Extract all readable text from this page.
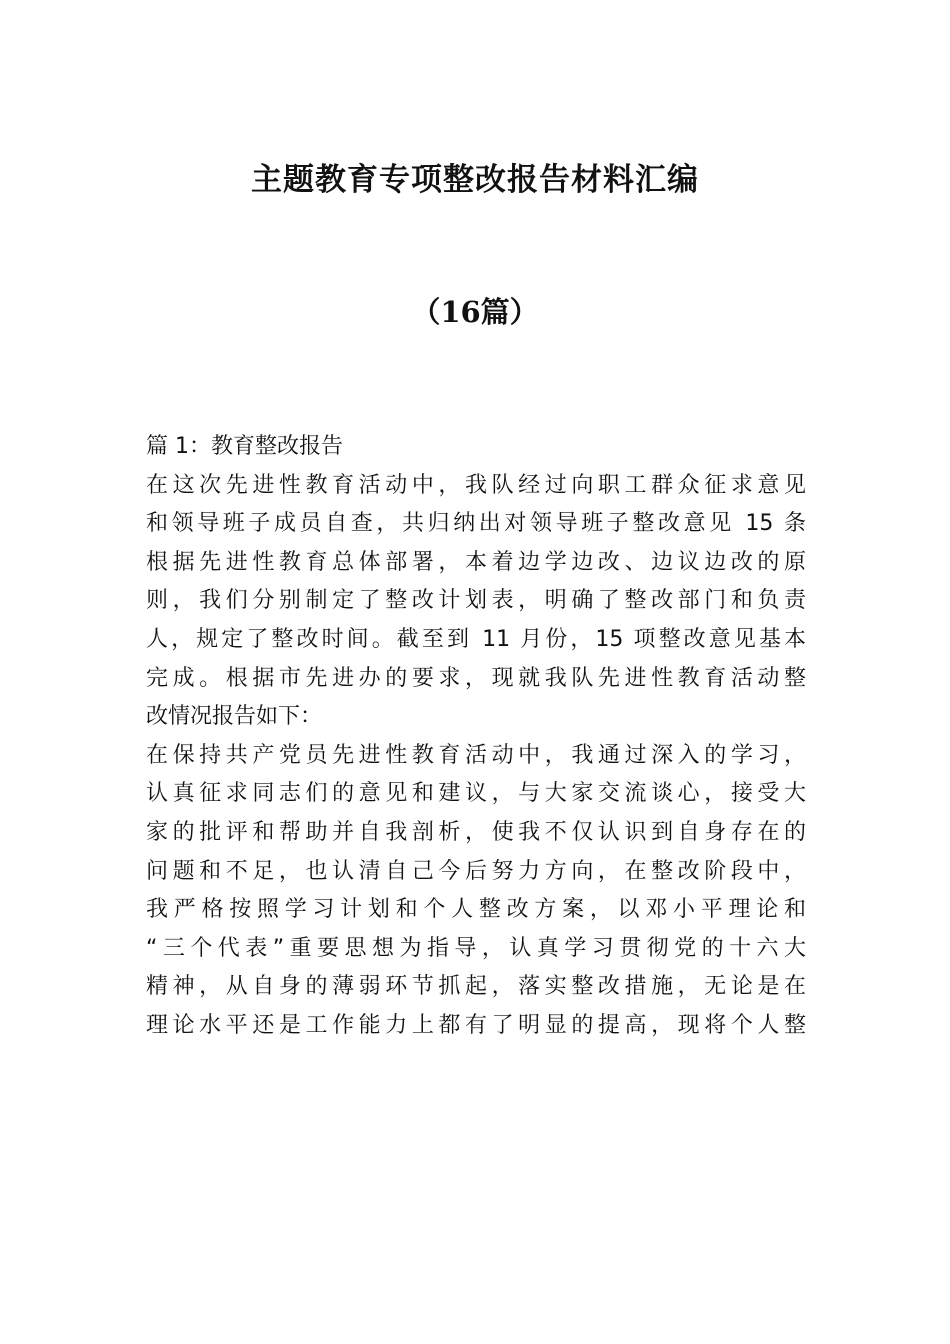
主题教育专项整改报告材料汇编
（16篇）
篇 1：教育整改报告
在这次先进性教育活动中，我队经过向职工群众征求意见
和领导班子成员自查，共归纳出对领导班子整改意见 15 条
根据先进性教育总体部署，本着边学边改、边议边改的原
则，我们分别制定了整改计划表，明确了整改部门和负责
人，规定了整改时间。截至到 11 月份，15 项整改意见基本
完成。根据市先进办的要求，现就我队先进性教育活动整
改情况报告如下：
在保持共产党员先进性教育活动中，我通过深入的学习，
认真征求同志们的意见和建议，与大家交流谈心，接受大
家的批评和帮助并自我剖析，使我不仅认识到自身存在的
问题和不足，也认清自己今后努力方向，在整改阶段中，
我严格按照学习计划和个人整改方案，以邓小平理论和
“三个代表”重要思想为指导，认真学习贯彻党的十六大
精神，从自身的薄弱环节抓起，落实整改措施，无论是在
理论水平还是工作能力上都有了明显的提高，现将个人整
